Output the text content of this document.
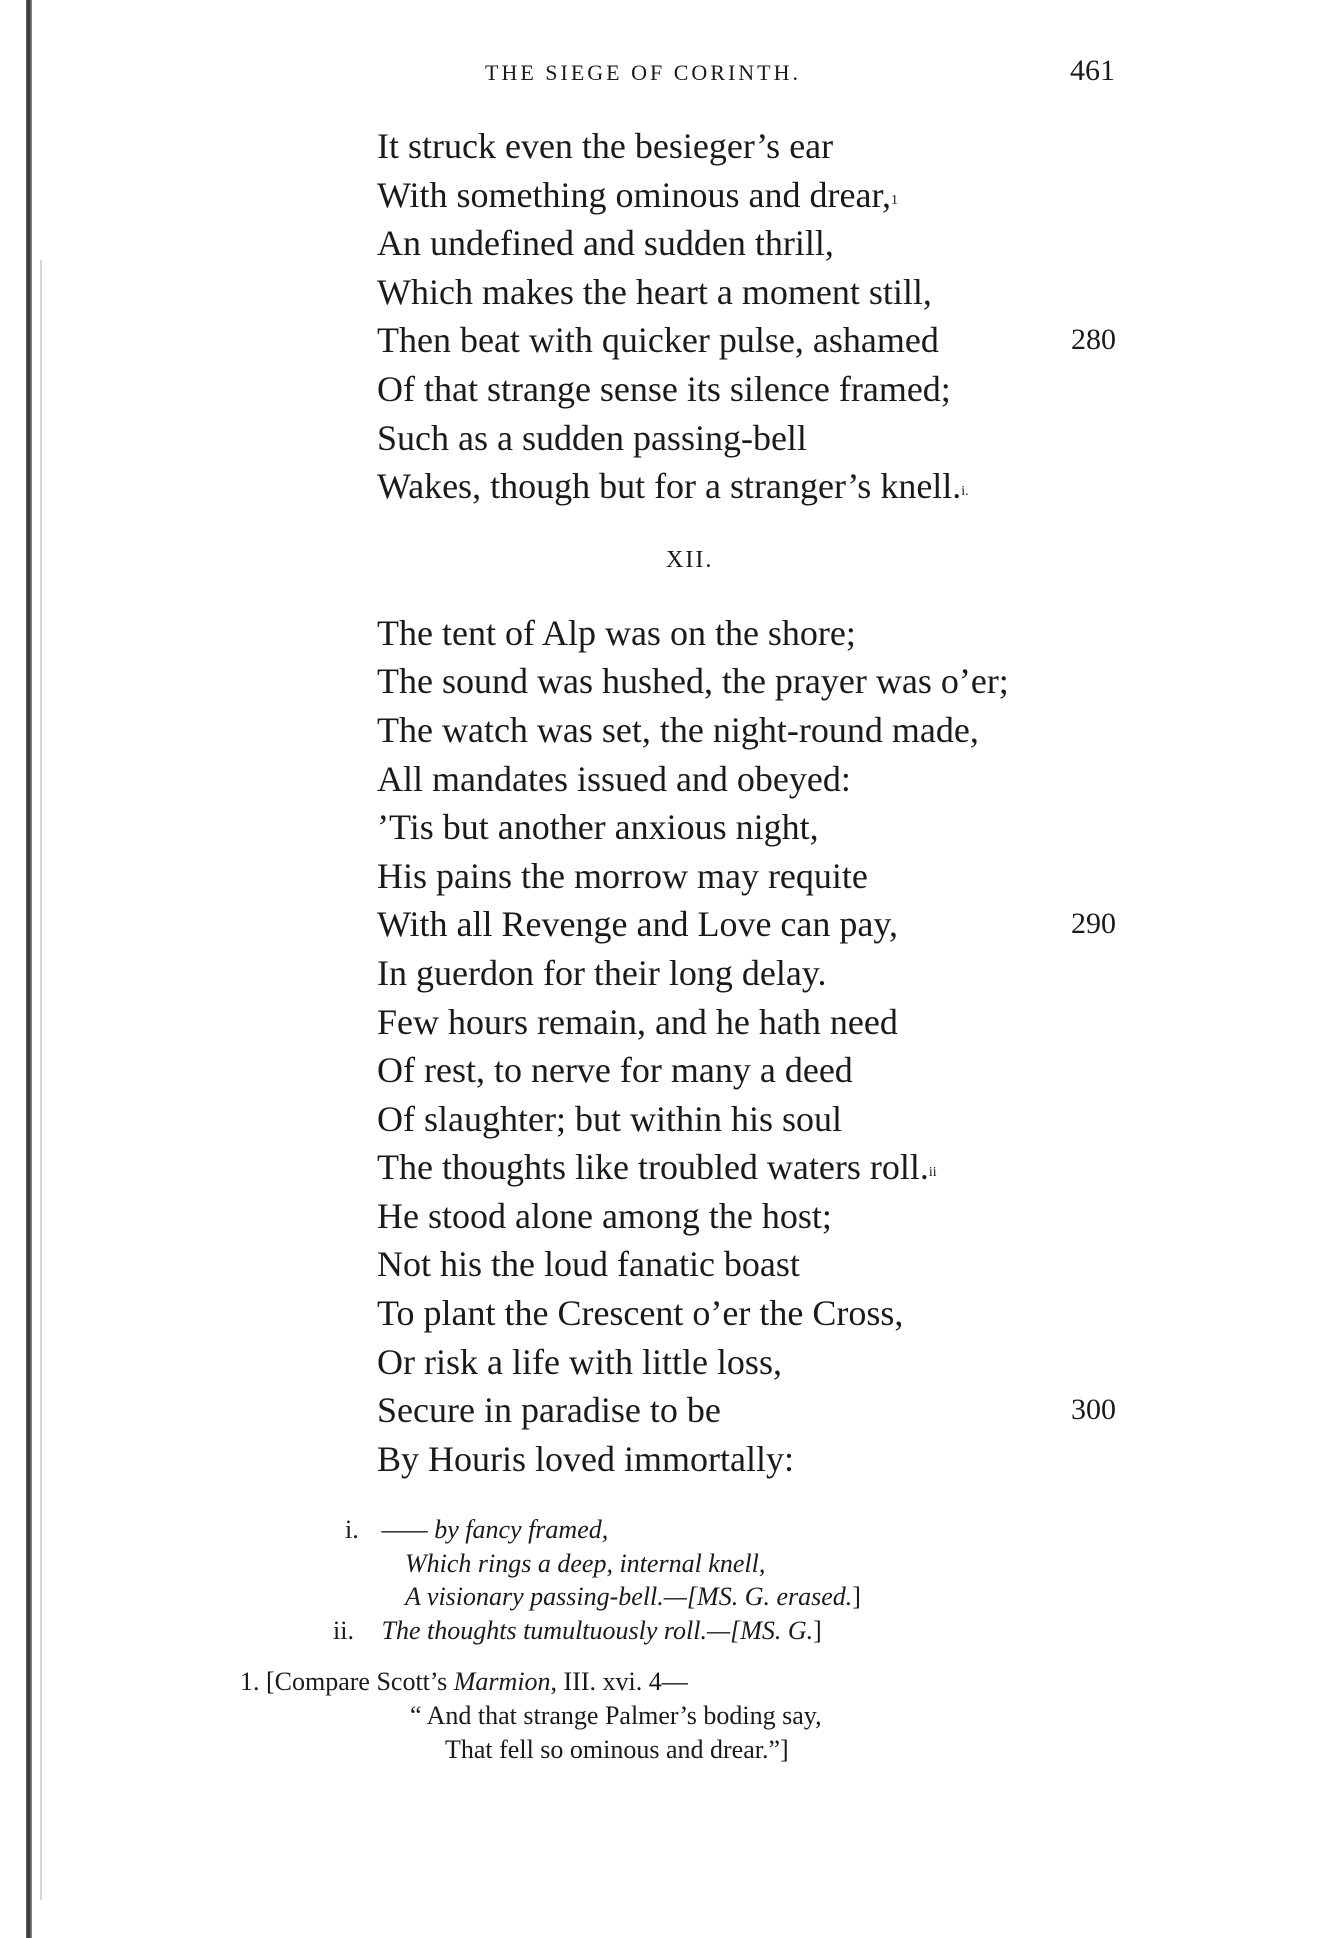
THE SIEGE OF CORINTH.	461
It struck even the besieger’s ear
With something ominous and drear,$^1$
An undefined and sudden thrill,
Which makes the heart a moment still,
Then beat with quicker pulse, ashamed	280
Of that strange sense its silence framed;
Such as a sudden passing-bell
Wakes, though but for a stranger’s knell.$^{i.}$
XII.
The tent of Alp was on the shore;
The sound was hushed, the prayer was o’er;
The watch was set, the night-round made,
All mandates issued and obeyed:
’Tis but another anxious night,
His pains the morrow may requite
With all Revenge and Love can pay,	290
In guerdon for their long delay.
Few hours remain, and he hath need
Of rest, to nerve for many a deed
Of slaughter; but within his soul
The thoughts like troubled waters roll.$^{ii}$
He stood alone among the host;
Not his the loud fanatic boast
To plant the Crescent o’er the Cross,
Or risk a life with little loss,
Secure in paradise to be	300
By Houris loved immortally:
i. —— by fancy framed,
Which rings a deep, internal knell,
A visionary passing-bell.—[MS. G. erased.]
ii. The thoughts tumultuously roll.—[MS. G.]
1. [Compare Scott’s Marmion, III. xvi. 4—
“ And that strange Palmer’s boding say,
That fell so ominous and drear.”]
